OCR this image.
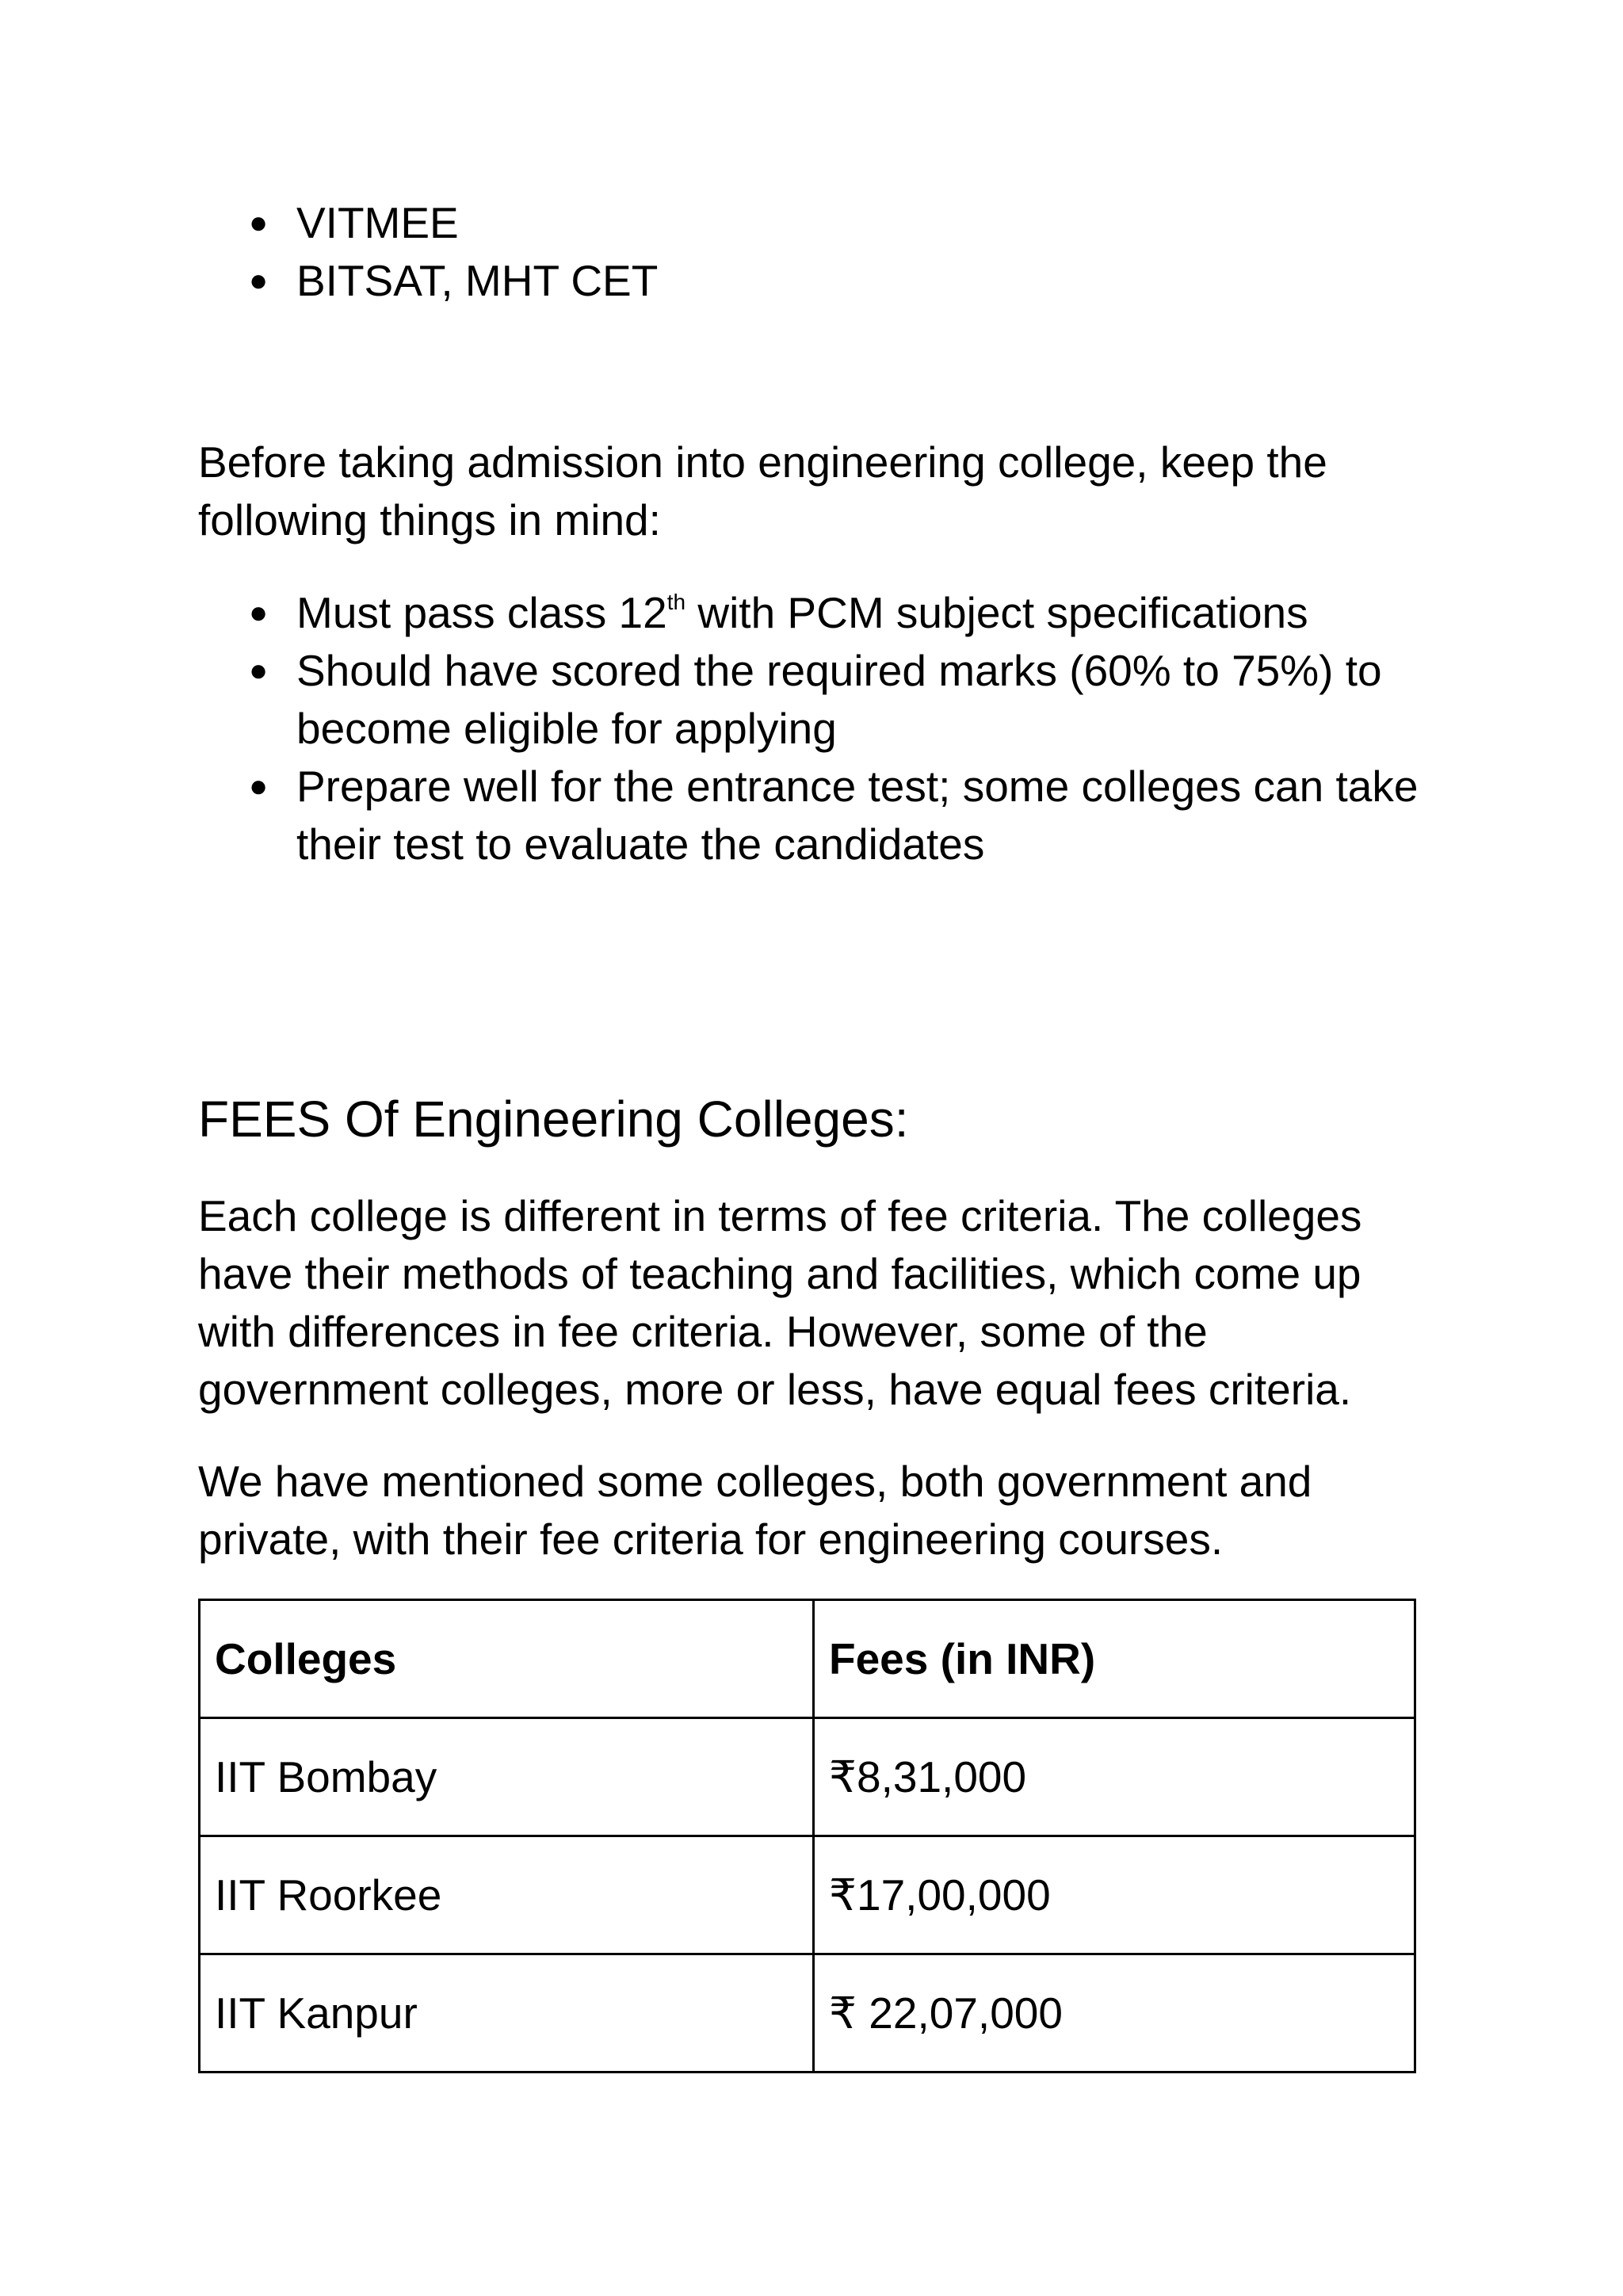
● VITMEE
● BITSAT, MHT CET

Before taking admission into engineering college, keep the following things in mind:

● Must pass class 12th with PCM subject specifications
● Should have scored the required marks (60% to 75%) to become eligible for applying
● Prepare well for the entrance test; some colleges can take their test to evaluate the candidates
FEES Of Engineering Colleges:

Each college is different in terms of fee criteria. The colleges have their methods of teaching and facilities, which come up with differences in fee criteria. However, some of the government colleges, more or less, have equal fees criteria.

We have mentioned some colleges, both government and private, with their fee criteria for engineering courses.

Colleges	Fees (in INR)
IIT Bombay	₹8,31,000
IIT Roorkee	₹17,00,000
IIT Kanpur	₹ 22,07,000
